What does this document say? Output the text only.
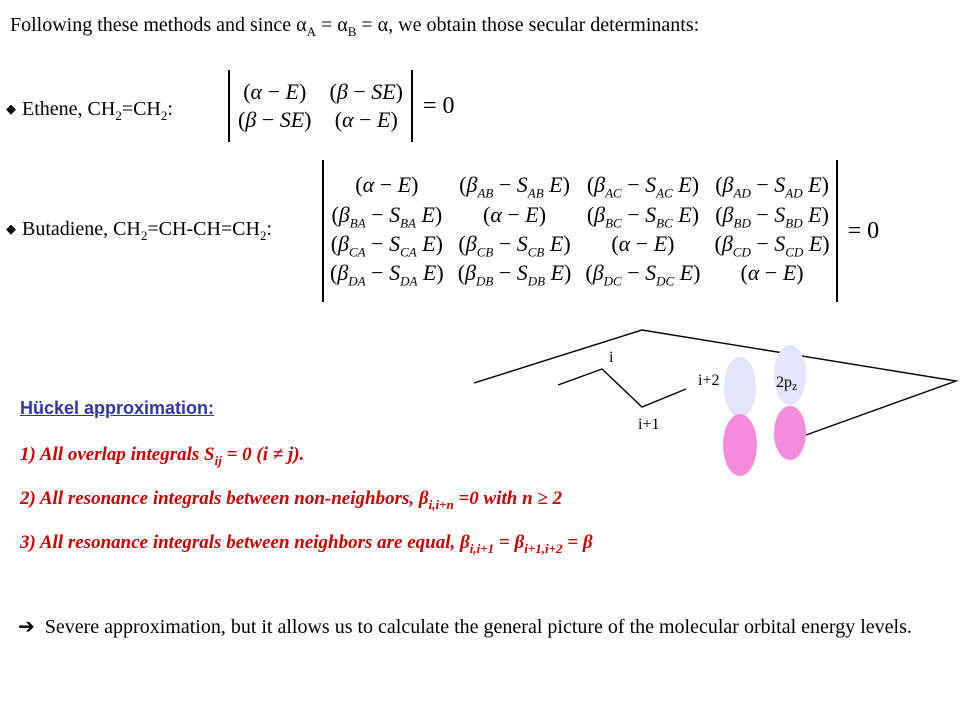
Following these methods and since $\alpha_A = \alpha_B = \alpha$, we obtain those secular determinants:
◆ Ethene, $CH_2=CH_2$:
(α − E) (β − SE)
(β − SE) (α − E)
= 0
◆ Butadiene, $CH_2=CH-CH=CH_2$:
(α − E)	($\beta_{AB} - S_{AB}$ E) ($\beta_{AC} - S_{AC}$ E) ($\beta_{AD} - S_{AD}$ E)
($\beta_{BA} - S_{BA}$ E)	(α − E)	($\beta_{BC} - S_{BC}$ E) ($\beta_{BD} - S_{BD}$ E)
($\beta_{CA} - S_{CA}$ E) ($\beta_{CB} - S_{CB}$ E)	(α − E)	($\beta_{CD} - S_{CD}$ E)
($\beta_{DA} - S_{DA}$ E) ($\beta_{DB} - S_{DB}$ E) ($\beta_{DC} - S_{DC}$ E)	(α − E)
= 0
i
i+1
i+2	2pz
Hückel approximation:
1) All overlap integrals $S_{ij} = 0$ (i ≠ j).
2) All resonance integrals between non-neighbors, $\beta_{i,i+n} =0$ with n ≥ 2
3) All resonance integrals between neighbors are equal, $\beta_{i,i+1} = \beta_{i+1,i+2} = \beta$
➔ Severe approximation, but it allows us to calculate the general picture of the molecular orbital energy levels.
